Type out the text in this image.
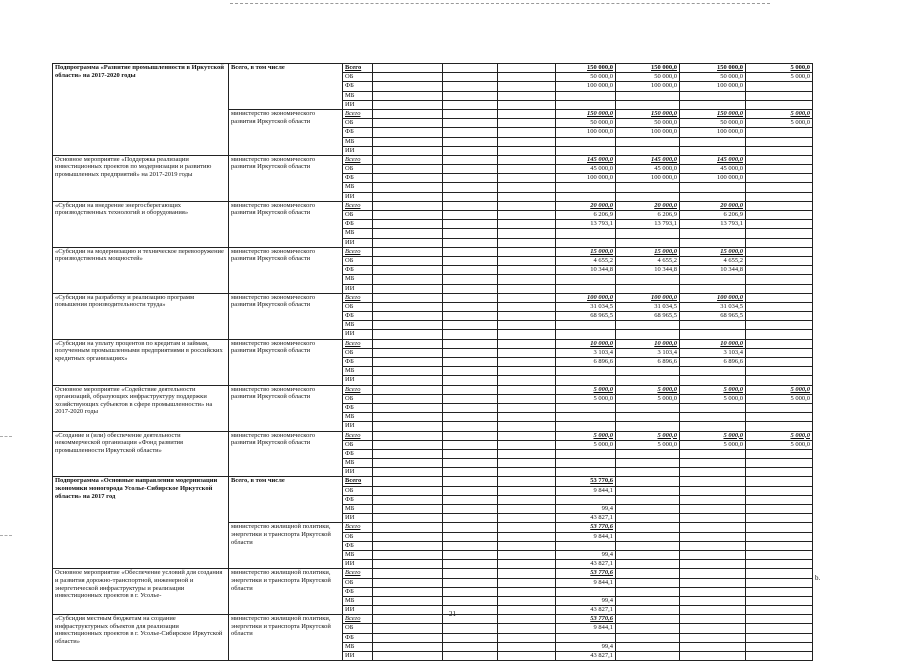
Подпрограмма «Развитие промышленности в Иркутской области» на 2017-2020 годы	Всего, в том числе	Всего				150 000,0	150 000,0	150 000,0	5 000,0
		ОБ				50 000,0	50 000,0	50 000,0	5 000,0
		ФБ				100 000,0	100 000,0	100 000,0	
		МБ							
		ИИ							
	министерство экономического развития Иркутской области	Всего				150 000,0	150 000,0	150 000,0	5 000,0
		ОБ				50 000,0	50 000,0	50 000,0	5 000,0
		ФБ				100 000,0	100 000,0	100 000,0	
		МБ							
		ИИ							
Основное мероприятие «Поддержка реализации инвестиционных проектов по модернизации и развитию промышленных предприятий» на 2017-2019 годы	министерство экономического развития Иркутской области	Всего				145 000,0	145 000,0	145 000,0	
		ОБ				45 000,0	45 000,0	45 000,0	
		ФБ				100 000,0	100 000,0	100 000,0	
		МБ							
		ИИ							
«Субсидии на внедрение энергосберегающих производственных технологий и оборудования»	министерство экономического развития Иркутской области	Всего				20 000,0	20 000,0	20 000,0	
		ОБ				6 206,9	6 206,9	6 206,9	
		ФБ				13 793,1	13 793,1	13 793,1	
		МБ							
		ИИ							
«Субсидии на модернизацию и техническое перевооружение производственных мощностей»	министерство экономического развития Иркутской области	Всего				15 000,0	15 000,0	15 000,0	
		ОБ				4 655,2	4 655,2	4 655,2	
		ФБ				10 344,8	10 344,8	10 344,8	
		МБ							
		ИИ							
«Субсидии на разработку и реализацию программ повышения производительности труда»	министерство экономического развития Иркутской области	Всего				100 000,0	100 000,0	100 000,0	
		ОБ				31 034,5	31 034,5	31 034,5	
		ФБ				68 965,5	68 965,5	68 965,5	
		МБ							
		ИИ							
«Субсидии на уплату процентов по кредитам и займам, полученным промышленными предприятиями в российских кредитных организациях»	министерство экономического развития Иркутской области	Всего				10 000,0	10 000,0	10 000,0	
		ОБ				3 103,4	3 103,4	3 103,4	
		ФБ				6 896,6	6 896,6	6 896,6	
		МБ							
		ИИ							
Основное мероприятие «Содействие деятельности организаций, образующих инфраструктуру поддержки хозяйствующих субъектов в сфере промышленности» на 2017-2020 годы	министерство экономического развития Иркутской области	Всего				5 000,0	5 000,0	5 000,0	5 000,0
		ОБ				5 000,0	5 000,0	5 000,0	5 000,0
		ФБ							
		МБ							
		ИИ							
«Создание и (или) обеспечение деятельности некоммерческой организации «Фонд развития промышленности Иркутской области»	министерство экономического развития Иркутской области	Всего				5 000,0	5 000,0	5 000,0	5 000,0
		ОБ				5 000,0	5 000,0	5 000,0	5 000,0
		ФБ							
		МБ							
		ИИ							
Подпрограмма «Основные направления модернизации экономики моногорода Усолье-Сибирское Иркутской области» на 2017 год	Всего, в том числе	Всего				53 770,6			
		ОБ				9 844,1			
		ФБ							
		МБ				99,4			
		ИИ				43 827,1			
	министерство жилищной политики, энергетики и транспорта Иркутской области	Всего				53 770,6			
		ОБ				9 844,1			
		ФБ							
		МБ				99,4			
		ИИ				43 827,1			
Основное мероприятие «Обеспечение условий для создания и развития дорожно-транспортной, инженерной и энергетической инфраструктуры и реализации инвестиционных проектов в г. Усолье-	министерство жилищной политики, энергетики и транспорта Иркутской области	Всего				53 770,6			
		ОБ				9 844,1			
		ФБ							
		МБ				99,4			
		ИИ				43 827,1			
«Субсидия местным бюджетам на создание инфраструктурных объектов для реализации инвестиционных проектов в г. Усолье-Сибирское Иркутской области»	министерство жилищной политики, энергетики и транспорта Иркутской области	Всего				53 770,6			
		ОБ				9 844,1			
		ФБ							
		МБ				99,4			
		ИИ				43 827,1			
21
b.
